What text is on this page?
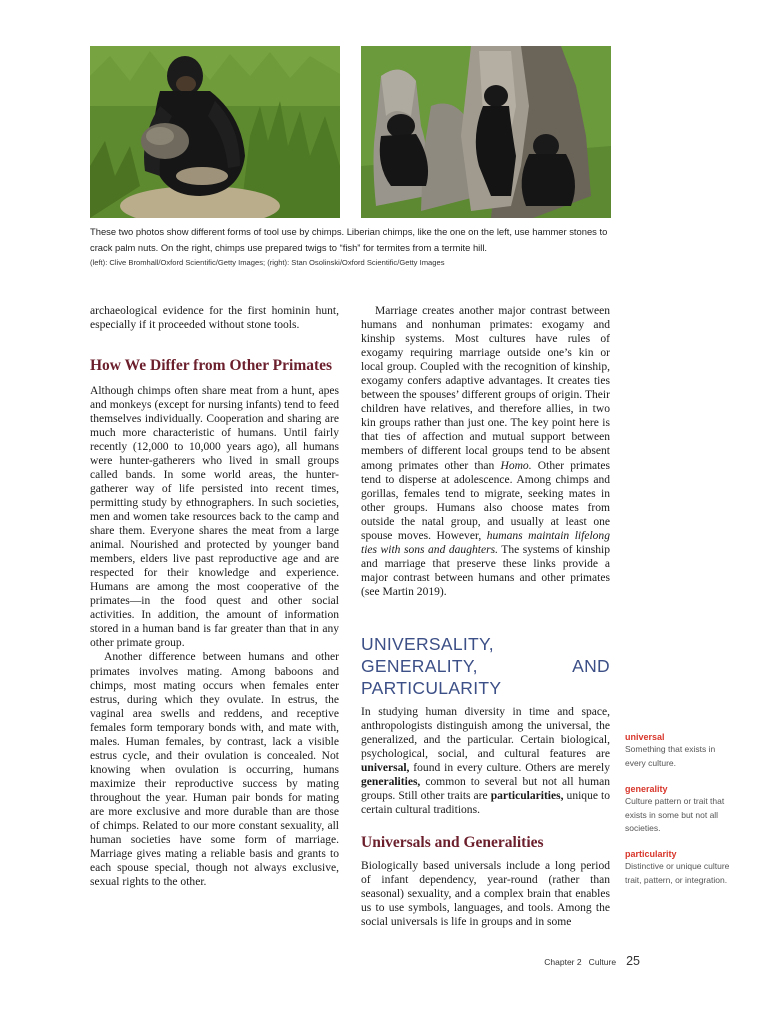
These two photos show different forms of tool use by chimps. Liberian chimps, like the one on the left, use hammer stones to crack palm nuts. On the right, chimps use prepared twigs to “fish” for termites from a termite hill.

(left): Clive Bromhall/Oxford Scientific/Getty Images; (right): Stan Osolinski/Oxford Scientific/Getty Images

archaeological evidence for the first hominin hunt, especially if it proceeded without stone tools.

How We Differ from Other Primates

Although chimps often share meat from a hunt, apes and monkeys (except for nursing infants) tend to feed themselves individually. Cooperation and sharing are much more characteristic of humans. Until fairly recently (12,000 to 10,000 years ago), all humans were hunter-gatherers who lived in small groups called bands. In some world areas, the hunter-gatherer way of life persisted into recent times, permitting study by ethnographers. In such societies, men and women take resources back to the camp and share them. Everyone shares the meat from a large animal. Nourished and protected by younger band members, elders live past reproductive age and are respected for their knowledge and experience. Humans are among the most cooperative of the primates—in the food quest and other social activities. In addition, the amount of information stored in a human band is far greater than that in any other primate group.

Another difference between humans and other primates involves mating. Among baboons and chimps, most mating occurs when females enter estrus, during which they ovulate. In estrus, the vaginal area swells and reddens, and receptive females form temporary bonds with, and mate with, males. Human females, by contrast, lack a visible estrus cycle, and their ovulation is concealed. Not knowing when ovulation is occurring, humans maximize their reproductive success by mating throughout the year. Human pair bonds for mating are more exclusive and more durable than are those of chimps. Related to our more constant sexuality, all human societies have some form of marriage. Marriage gives mating a reliable basis and grants to each spouse special, though not always exclusive, sexual rights to the other.

Marriage creates another major contrast between humans and nonhuman primates: exogamy and kinship systems. Most cultures have rules of exogamy requiring marriage outside one’s kin or local group. Coupled with the recognition of kinship, exogamy confers adaptive advantages. It creates ties between the spouses’ different groups of origin. Their children have relatives, and therefore allies, in two kin groups rather than just one. The key point here is that ties of affection and mutual support between members of different local groups tend to be absent among primates other than Homo. Other primates tend to disperse at adolescence. Among chimps and gorillas, females tend to migrate, seeking mates in other groups. Humans also choose mates from outside the natal group, and usually at least one spouse moves. However, humans maintain lifelong ties with sons and daughters. The systems of kinship and marriage that preserve these links provide a major contrast between humans and other primates (see Martin 2019).

UNIVERSALITY, GENERALITY, AND PARTICULARITY

In studying human diversity in time and space, anthropologists distinguish among the universal, the generalized, and the particular. Certain biological, psychological, social, and cultural features are universal, found in every culture. Others are merely generalities, common to several but not all human groups. Still other traits are particularities, unique to certain cultural traditions.

Universals and Generalities

Biologically based universals include a long period of infant dependency, year-round (rather than seasonal) sexuality, and a complex brain that enables us to use symbols, languages, and tools. Among the social universals is life in groups and in some

universal
Something that exists in every culture.
generality
Culture pattern or trait that exists in some but not all societies.
particularity
Distinctive or unique culture trait, pattern, or integration.
Chapter 2   Culture 25
